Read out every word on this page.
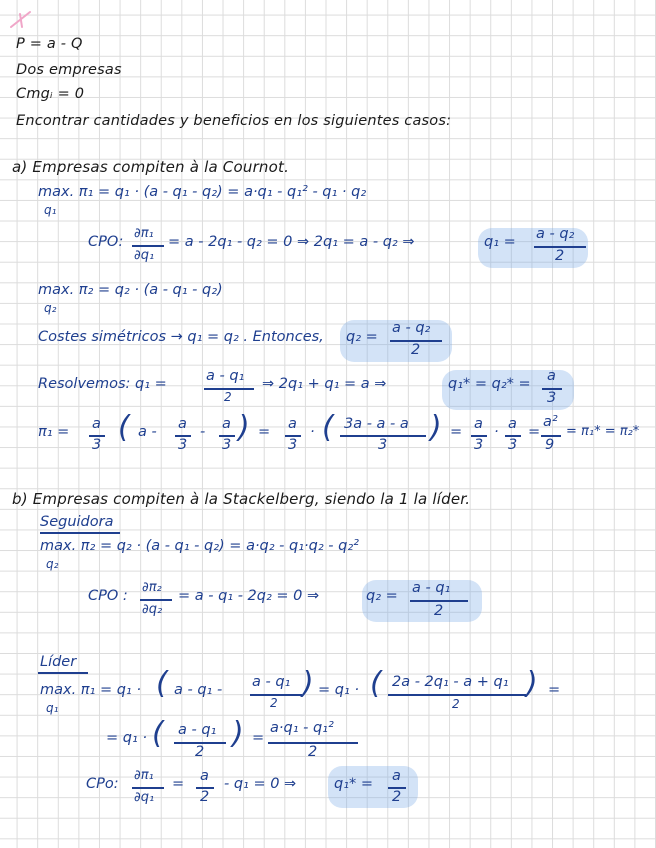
P = a - Q
Dos empresas
Cmgᵢ = 0
Encontrar cantidades y beneficios en los siguientes casos:
a) Empresas compiten à la Cournot.
max. π₁ = q₁ · (a - q₁ - q₂) = a·q₁ - q₁² - q₁ · q₂
q₁
CPO:
∂π₁
∂q₁
= a - 2q₁ - q₂ = 0 ⇒ 2q₁ = a - q₂ ⇒	q₁ = a - q₂
2
max. π₂ = q₂ · (a - q₁ - q₂)
q₂
Costes simétricos → q₁ = q₂ . Entonces, q₂ =
a - q₂
2
Resolvemos: q₁ =	a - q₁
2
⇒ 2q₁ + q₁ = a ⇒	q₁* = q₂* = a
3
π₁ = a
3 ( a - a
3
- a
3 ) = a
3
· ( 3a - a - a
3 ) = a
3
· a
3
=
a²
9
= π₁* = π₂*
b) Empresas compiten à la Stackelberg, siendo la 1 la líder.
Seguidora
max. π₂ = q₂ · (a - q₁ - q₂) = a·q₂ - q₁·q₂ - q₂²
q₂
CPO :
∂π₂
∂q₂
= a - q₁ - 2q₂ = 0 ⇒	q₂ = a - q₁
2
Líder
max. π₁ = q₁ ·
q₁
( a - q₁ - a - q₁
2
) = q₁ · ( 2a - 2q₁ - a + q₁
2
) =
= q₁ · ( a - q₁
2
) =
a·q₁ - q₁²
2
CPo:
∂π₁
∂q₁
= a
2
- q₁ = 0 ⇒	q₁* = a
2
